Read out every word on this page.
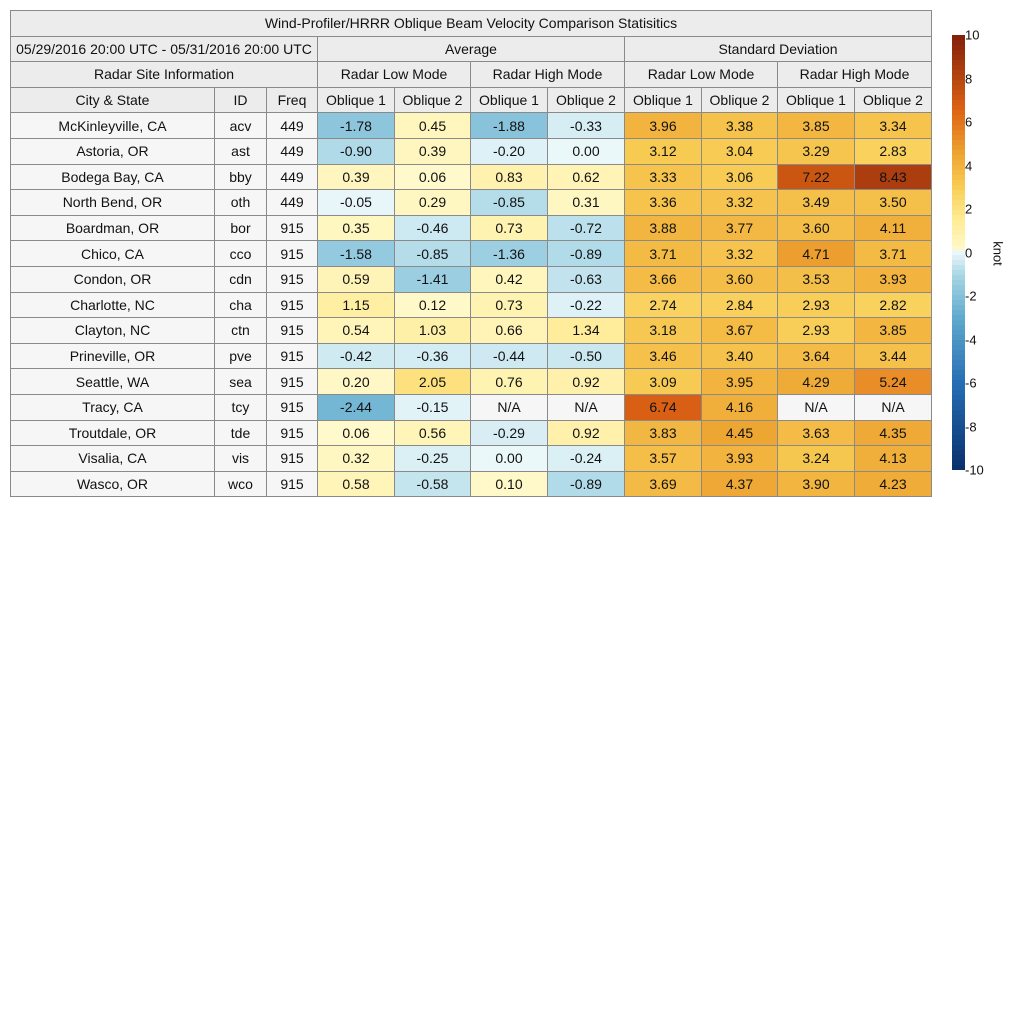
Wind-Profiler/HRRR Oblique Beam Velocity Comparison Statisitics										
05/29/2016 20:00 UTC - 05/31/2016 20:00 UTC			Average				Standard Deviation			
Radar Site Information			Radar Low Mode		Radar High Mode		Radar Low Mode		Radar High Mode	
City & State	ID	Freq	Oblique 1	Oblique 2	Oblique 1	Oblique 2	Oblique 1	Oblique 2	Oblique 1	Oblique 2
McKinleyville, CA	acv	449	-1.78	0.45	-1.88	-0.33	3.96	3.38	3.85	3.34
Astoria, OR	ast	449	-0.90	0.39	-0.20	0.00	3.12	3.04	3.29	2.83
Bodega Bay, CA	bby	449	0.39	0.06	0.83	0.62	3.33	3.06	7.22	8.43
North Bend, OR	oth	449	-0.05	0.29	-0.85	0.31	3.36	3.32	3.49	3.50
Boardman, OR	bor	915	0.35	-0.46	0.73	-0.72	3.88	3.77	3.60	4.11
Chico, CA	cco	915	-1.58	-0.85	-1.36	-0.89	3.71	3.32	4.71	3.71
Condon, OR	cdn	915	0.59	-1.41	0.42	-0.63	3.66	3.60	3.53	3.93
Charlotte, NC	cha	915	1.15	0.12	0.73	-0.22	2.74	2.84	2.93	2.82
Clayton, NC	ctn	915	0.54	1.03	0.66	1.34	3.18	3.67	2.93	3.85
Prineville, OR	pve	915	-0.42	-0.36	-0.44	-0.50	3.46	3.40	3.64	3.44
Seattle, WA	sea	915	0.20	2.05	0.76	0.92	3.09	3.95	4.29	5.24
Tracy, CA	tcy	915	-2.44	-0.15	N/A	N/A	6.74	4.16	N/A	N/A
Troutdale, OR	tde	915	0.06	0.56	-0.29	0.92	3.83	4.45	3.63	4.35
Visalia, CA	vis	915	0.32	-0.25	0.00	-0.24	3.57	3.93	3.24	4.13
Wasco, OR	wco	915	0.58	-0.58	0.10	-0.89	3.69	4.37	3.90	4.23
10
8
6
4
2
0
-2
-4
-6
-8
-10
knot
